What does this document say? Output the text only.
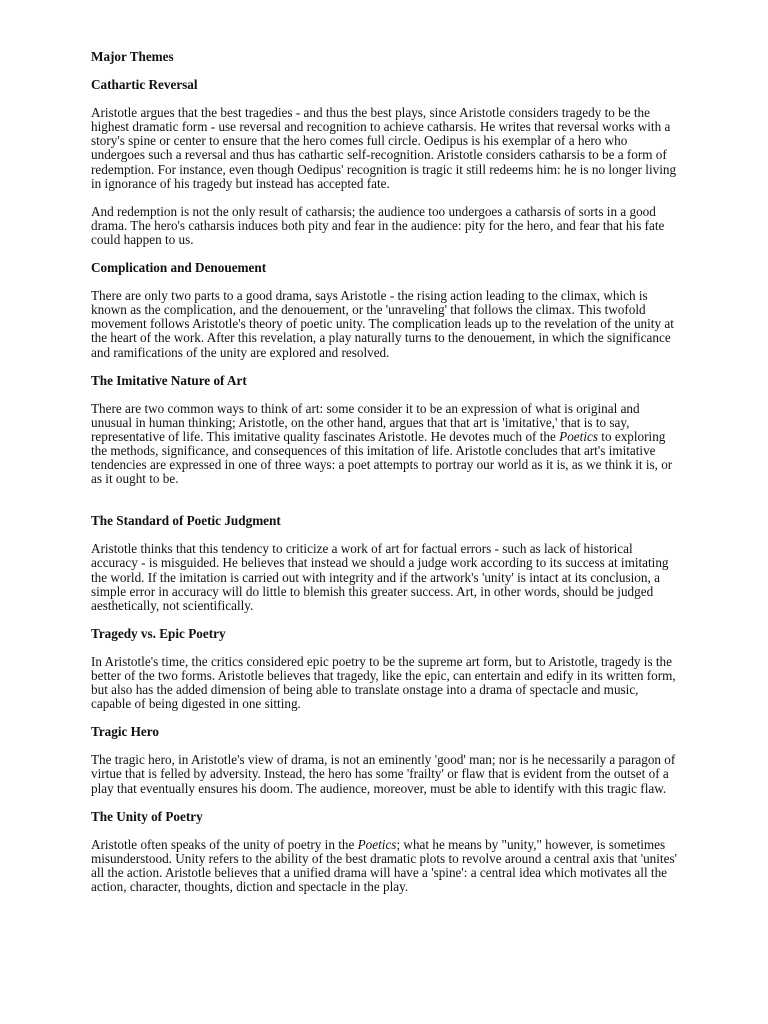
Major Themes
Cathartic Reversal

Aristotle argues that the best tragedies - and thus the best plays, since Aristotle considers tragedy to be the highest dramatic form - use reversal and recognition to achieve catharsis. He writes that reversal works with a story's spine or center to ensure that the hero comes full circle. Oedipus is his exemplar of a hero who undergoes such a reversal and thus has cathartic self-recognition. Aristotle considers catharsis to be a form of redemption. For instance, even though Oedipus' recognition is tragic it still redeems him: he is no longer living in ignorance of his tragedy but instead has accepted fate.

And redemption is not the only result of catharsis; the audience too undergoes a catharsis of sorts in a good drama. The hero's catharsis induces both pity and fear in the audience: pity for the hero, and fear that his fate could happen to us.

Complication and Denouement

There are only two parts to a good drama, says Aristotle - the rising action leading to the climax, which is known as the complication, and the denouement, or the 'unraveling' that follows the climax. This twofold movement follows Aristotle's theory of poetic unity. The complication leads up to the revelation of the unity at the heart of the work. After this revelation, a play naturally turns to the denouement, in which the significance and ramifications of the unity are explored and resolved.

The Imitative Nature of Art

There are two common ways to think of art: some consider it to be an expression of what is original and unusual in human thinking; Aristotle, on the other hand, argues that that art is 'imitative,' that is to say, representative of life. This imitative quality fascinates Aristotle. He devotes much of the Poetics to exploring the methods, significance, and consequences of this imitation of life. Aristotle concludes that art's imitative tendencies are expressed in one of three ways: a poet attempts to portray our world as it is, as we think it is, or as it ought to be.

The Standard of Poetic Judgment

Aristotle thinks that this tendency to criticize a work of art for factual errors - such as lack of historical accuracy - is misguided. He believes that instead we should a judge work according to its success at imitating the world. If the imitation is carried out with integrity and if the artwork's 'unity' is intact at its conclusion, a simple error in accuracy will do little to blemish this greater success. Art, in other words, should be judged aesthetically, not scientifically.

Tragedy vs. Epic Poetry

In Aristotle's time, the critics considered epic poetry to be the supreme art form, but to Aristotle, tragedy is the better of the two forms. Aristotle believes that tragedy, like the epic, can entertain and edify in its written form, but also has the added dimension of being able to translate onstage into a drama of spectacle and music, capable of being digested in one sitting.

Tragic Hero

The tragic hero, in Aristotle's view of drama, is not an eminently 'good' man; nor is he necessarily a paragon of virtue that is felled by adversity. Instead, the hero has some 'frailty' or flaw that is evident from the outset of a play that eventually ensures his doom. The audience, moreover, must be able to identify with this tragic flaw.

The Unity of Poetry

Aristotle often speaks of the unity of poetry in the Poetics; what he means by "unity," however, is sometimes misunderstood. Unity refers to the ability of the best dramatic plots to revolve around a central axis that 'unites' all the action. Aristotle believes that a unified drama will have a 'spine': a central idea which motivates all the action, character, thoughts, diction and spectacle in the play.
